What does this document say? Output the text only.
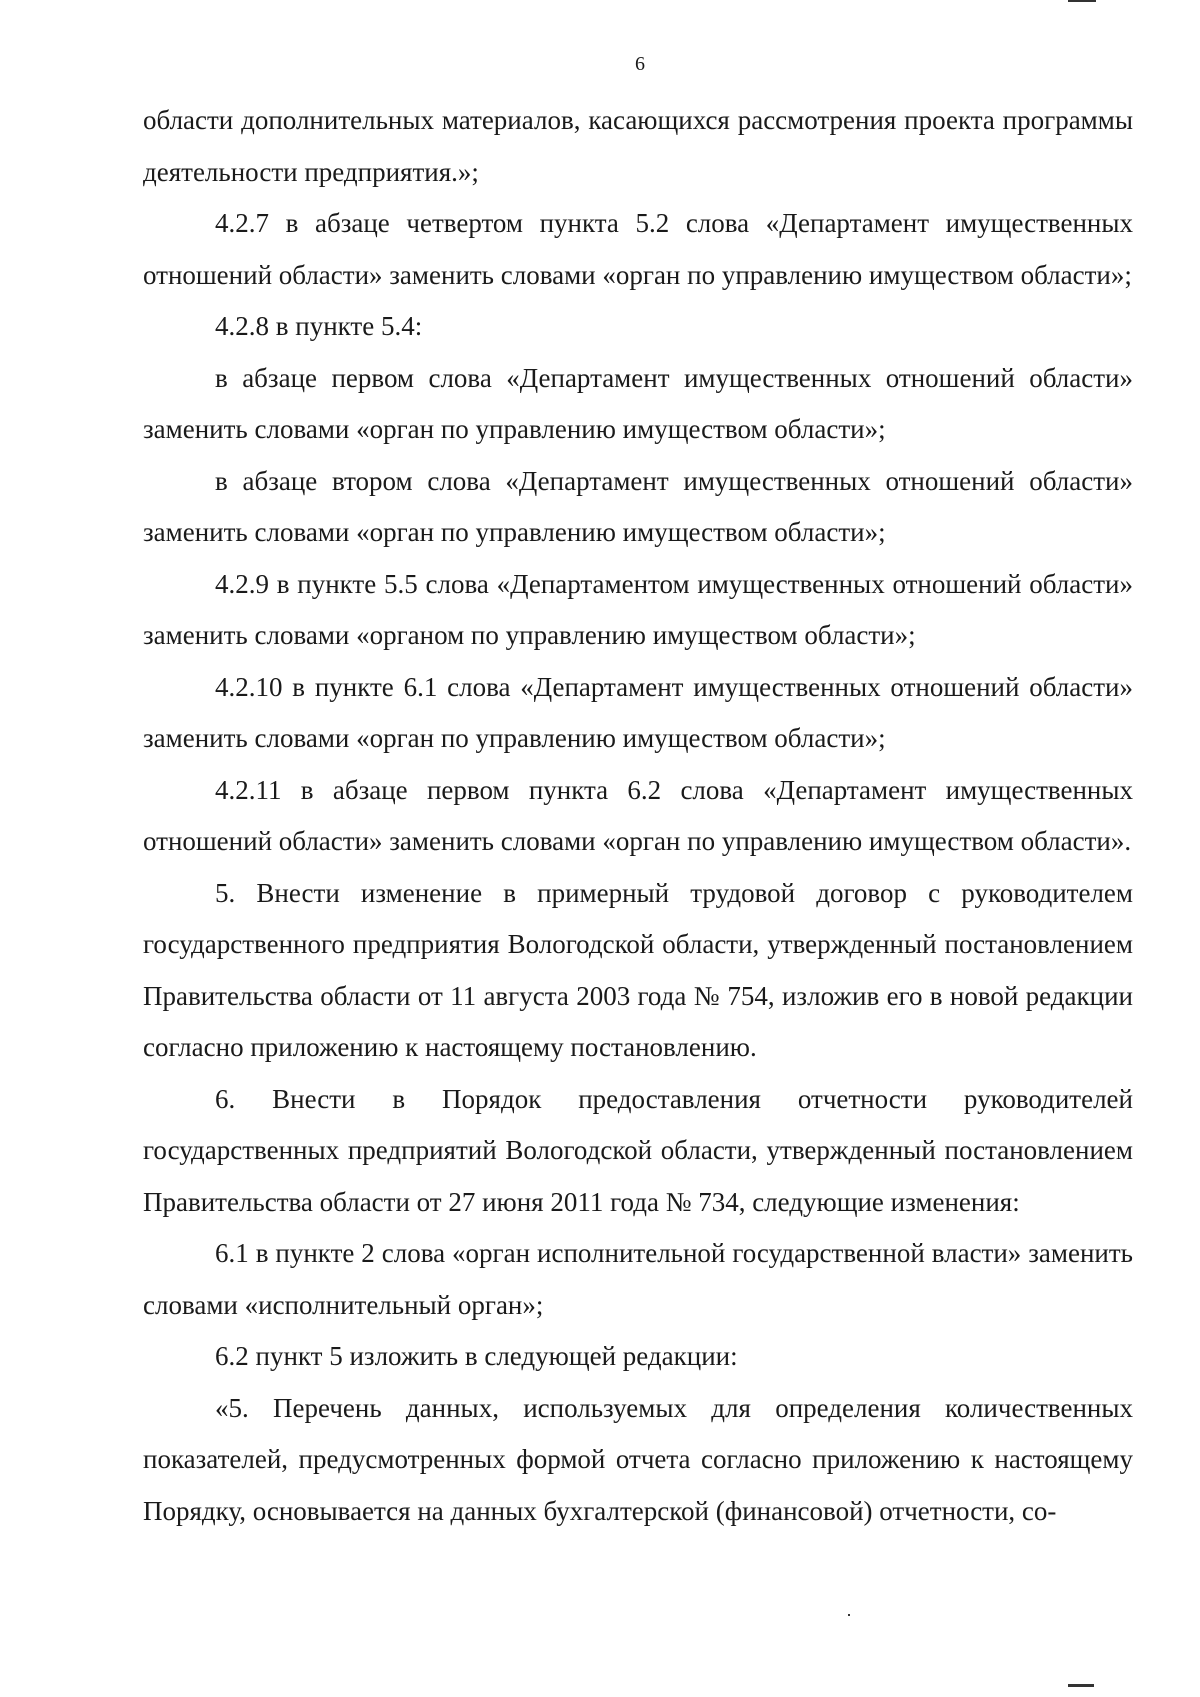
6

области дополнительных материалов, касающихся рассмотрения проекта программы деятельности предприятия.»;

4.2.7 в абзаце четвертом пункта 5.2 слова «Департамент имущественных отношений области» заменить словами «орган по управлению имуществом области»;

4.2.8 в пункте 5.4:

в абзаце первом слова «Департамент имущественных отношений области» заменить словами «орган по управлению имуществом области»;

в абзаце втором слова «Департамент имущественных отношений области» заменить словами «орган по управлению имуществом области»;

4.2.9 в пункте 5.5 слова «Департаментом имущественных отношений области» заменить словами «органом по управлению имуществом области»;

4.2.10 в пункте 6.1 слова «Департамент имущественных отношений области» заменить словами «орган по управлению имуществом области»;

4.2.11 в абзаце первом пункта 6.2 слова «Департамент имущественных отношений области» заменить словами «орган по управлению имуществом области».

5. Внести изменение в примерный трудовой договор с руководителем государственного предприятия Вологодской области, утвержденный постановлением Правительства области от 11 августа 2003 года № 754, изложив его в новой редакции согласно приложению к настоящему постановлению.

6. Внести в Порядок предоставления отчетности руководителей государственных предприятий Вологодской области, утвержденный постановлением Правительства области от 27 июня 2011 года № 734, следующие изменения:

6.1 в пункте 2 слова «орган исполнительной государственной власти» заменить словами «исполнительный орган»;

6.2 пункт 5 изложить в следующей редакции:

«5. Перечень данных, используемых для определения количественных показателей, предусмотренных формой отчета согласно приложению к настоящему Порядку, основывается на данных бухгалтерской (финансовой) отчетности, со-
